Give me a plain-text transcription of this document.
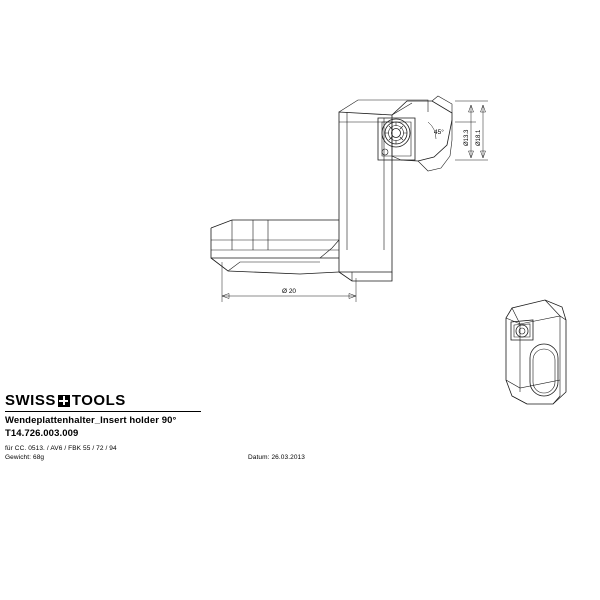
Ø 20
Ø13.3 Ø18.1
45°
SWISS TOOLS
Wendeplattenhalter_Insert holder 90°
T14.726.003.009
für CC. 0513. / AV6 / FBK 55 / 72 / 94
Gewicht: 68g	Datum: 26.03.2013
